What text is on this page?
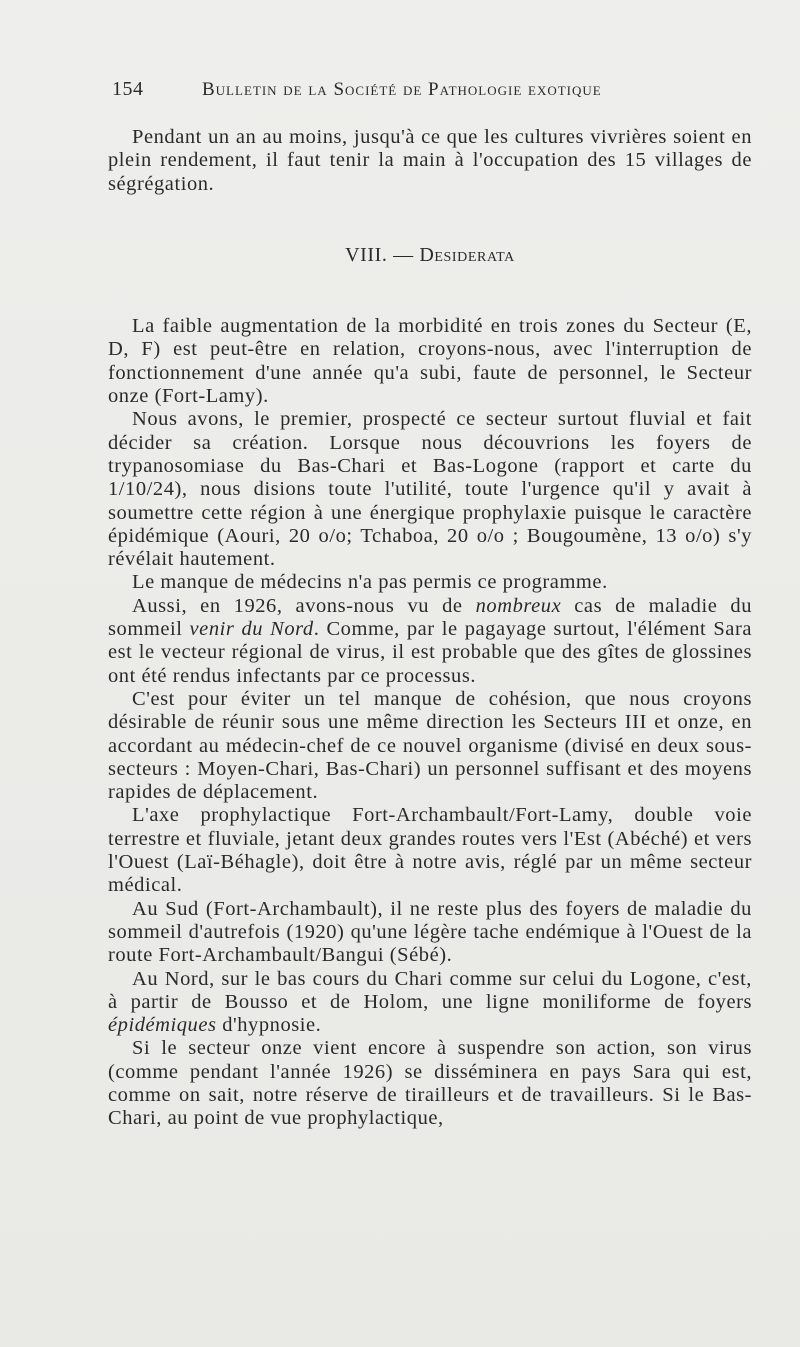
154	Bulletin de la Société de Pathologie exotique

Pendant un an au moins, jusqu'à ce que les cultures vivrières soient en plein rendement, il faut tenir la main à l'occupation des 15 villages de ségrégation.

VIII. — Desiderata

La faible augmentation de la morbidité en trois zones du Secteur (E, D, F) est peut-être en relation, croyons-nous, avec l'interruption de fonctionnement d'une année qu'a subi, faute de personnel, le Secteur onze (Fort-Lamy).

Nous avons, le premier, prospecté ce secteur surtout fluvial et fait décider sa création. Lorsque nous découvrions les foyers de trypanosomiase du Bas-Chari et Bas-Logone (rapport et carte du 1/10/24), nous disions toute l'utilité, toute l'urgence qu'il y avait à soumettre cette région à une énergique prophylaxie puisque le caractère épidémique (Aouri, 20 o/o; Tchaboa, 20 o/o ; Bougoumène, 13 o/o) s'y révélait hautement.

Le manque de médecins n'a pas permis ce programme.

Aussi, en 1926, avons-nous vu de nombreux cas de maladie du sommeil venir du Nord. Comme, par le pagayage surtout, l'élément Sara est le vecteur régional de virus, il est probable que des gîtes de glossines ont été rendus infectants par ce processus.

C'est pour éviter un tel manque de cohésion, que nous croyons désirable de réunir sous une même direction les Secteurs III et onze, en accordant au médecin-chef de ce nouvel organisme (divisé en deux sous-secteurs : Moyen-Chari, Bas-Chari) un personnel suffisant et des moyens rapides de déplacement.

L'axe prophylactique Fort-Archambault/Fort-Lamy, double voie terrestre et fluviale, jetant deux grandes routes vers l'Est (Abéché) et vers l'Ouest (Laï-Béhagle), doit être à notre avis, réglé par un même secteur médical.

Au Sud (Fort-Archambault), il ne reste plus des foyers de maladie du sommeil d'autrefois (1920) qu'une légère tache endémique à l'Ouest de la route Fort-Archambault/Bangui (Sébé).

Au Nord, sur le bas cours du Chari comme sur celui du Logone, c'est, à partir de Bousso et de Holom, une ligne moniliforme de foyers épidémiques d'hypnosie.

Si le secteur onze vient encore à suspendre son action, son virus (comme pendant l'année 1926) se disséminera en pays Sara qui est, comme on sait, notre réserve de tirailleurs et de travailleurs. Si le Bas-Chari, au point de vue prophylactique,
